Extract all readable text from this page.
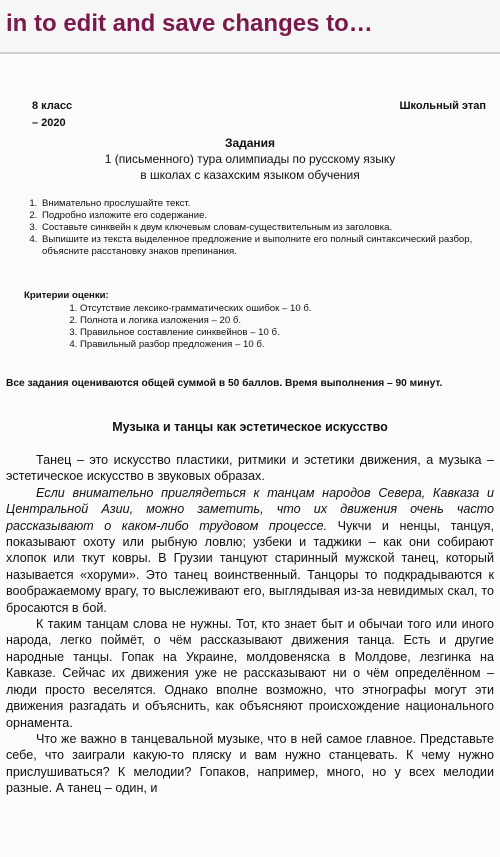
in to edit and save changes to…
8 класс	Школьный этап
– 2020
Задания
1 (письменного) тура олимпиады по русскому языку
в школах с казахским языком обучения
1. Внимательно прослушайте текст.
2. Подробно изложите его содержание.
3. Составьте синквейн к двум ключевым словам-существительным из заголовка.
4. Выпишите из текста выделенное предложение и выполните его полный синтаксический разбор, объясните расстановку знаков препинания.
Критерии оценки:
1. Отсутствие лексико-грамматических ошибок – 10 б.
2. Полнота и логика изложения – 20 б.
3. Правильное составление синквейнов – 10 б.
4. Правильный разбор предложения – 10 б.
Все задания оцениваются общей суммой в 50 баллов. Время выполнения – 90 минут.
Музыка и танцы как эстетическое искусство

Танец – это искусство пластики, ритмики и эстетики движения, а музыка – эстетическое искусство в звуковых образах.

Если внимательно приглядеться к танцам народов Севера, Кавказа и Центральной Азии, можно заметить, что их движения очень часто рассказывают о каком-либо трудовом процессе. Чукчи и ненцы, танцуя, показывают охоту или рыбную ловлю; узбеки и таджики – как они собирают хлопок или ткут ковры. В Грузии танцуют старинный мужской танец, который называется «хоруми». Это танец воинственный. Танцоры то подкрадываются к воображаемому врагу, то выслеживают его, выглядывая из-за невидимых скал, то бросаются в бой.

К таким танцам слова не нужны. Тот, кто знает быт и обычаи того или иного народа, легко поймёт, о чём рассказывают движения танца. Есть и другие народные танцы. Гопак на Украине, молдовеняска в Молдове, лезгинка на Кавказе. Сейчас их движения уже не рассказывают ни о чём определённом – люди просто веселятся. Однако вполне возможно, что этнографы могут эти движения разгадать и объяснить, как объясняют происхождение национального орнамента.

Что же важно в танцевальной музыке, что в ней самое главное. Представьте себе, что заиграли какую-то пляску и вам нужно станцевать. К чему нужно прислушиваться? К мелодии? Гопаков, например, много, но у всех мелодии разные. А танец – один, и
